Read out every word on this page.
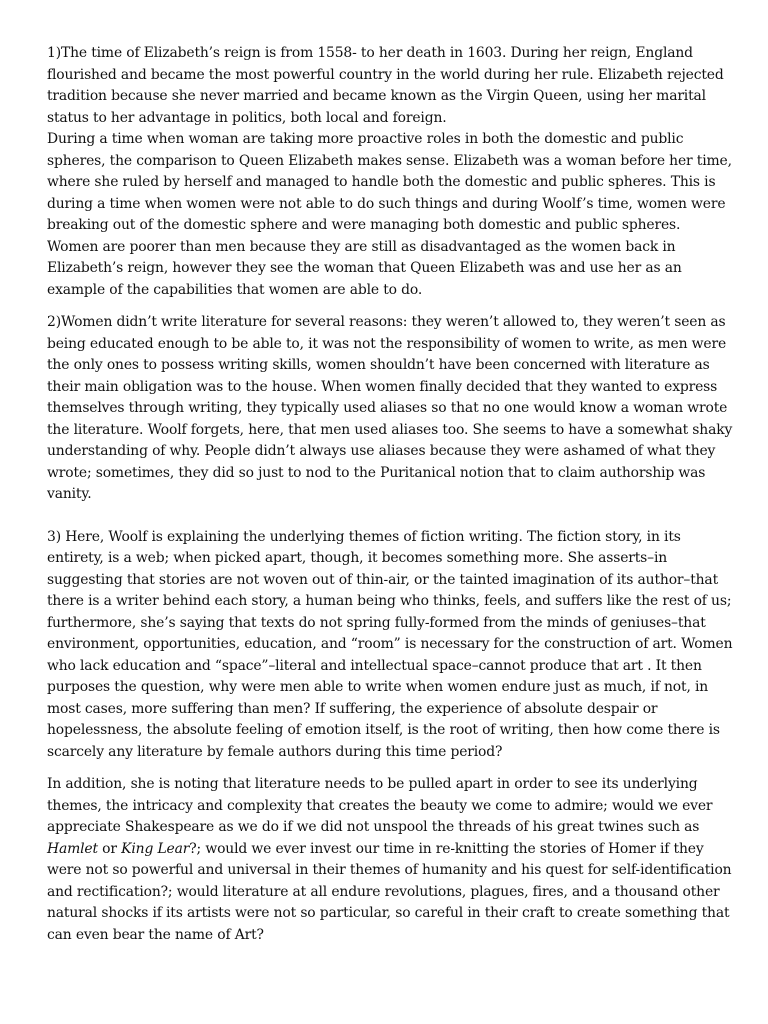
1)The time of Elizabeth’s reign is from 1558- to her death in 1603. During her reign, England flourished and became the most powerful country in the world during her rule. Elizabeth rejected tradition because she never married and became known as the Virgin Queen, using her marital status to her advantage in politics, both local and foreign.

During a time when woman are taking more proactive roles in both the domestic and public spheres, the comparison to Queen Elizabeth makes sense. Elizabeth was a woman before her time, where she ruled by herself and managed to handle both the domestic and public spheres. This is during a time when women were not able to do such things and during Woolf’s time, women were breaking out of the domestic sphere and were managing both domestic and public spheres.

Women are poorer than men because they are still as disadvantaged as the women back in Elizabeth’s reign, however they see the woman that Queen Elizabeth was and use her as an example of the capabilities that women are able to do.

2)Women didn’t write literature for several reasons: they weren’t allowed to, they weren’t seen as being educated enough to be able to, it was not the responsibility of women to write, as men were the only ones to possess writing skills, women shouldn’t have been concerned with literature as their main obligation was to the house. When women finally decided that they wanted to express themselves through writing, they typically used aliases so that no one would know a woman wrote the literature. Woolf forgets, here, that men used aliases too. She seems to have a somewhat shaky understanding of why. People didn’t always use aliases because they were ashamed of what they wrote; sometimes, they did so just to nod to the Puritanical notion that to claim authorship was vanity.

3) Here, Woolf is explaining the underlying themes of fiction writing. The fiction story, in its entirety, is a web; when picked apart, though, it becomes something more. She asserts–in suggesting that stories are not woven out of thin-air, or the tainted imagination of its author–that there is a writer behind each story, a human being who thinks, feels, and suffers like the rest of us; furthermore, she’s saying that texts do not spring fully-formed from the minds of geniuses–that environment, opportunities, education, and “room” is necessary for the construction of art. Women who lack education and “space”–literal and intellectual space–cannot produce that art . It then purposes the question, why were men able to write when women endure just as much, if not, in most cases, more suffering than men? If suffering, the experience of absolute despair or hopelessness, the absolute feeling of emotion itself, is the root of writing, then how come there is scarcely any literature by female authors during this time period?

In addition, she is noting that literature needs to be pulled apart in order to see its underlying themes, the intricacy and complexity that creates the beauty we come to admire; would we ever appreciate Shakespeare as we do if we did not unspool the threads of his great twines such as Hamlet or King Lear?; would we ever invest our time in re-knitting the stories of Homer if they were not so powerful and universal in their themes of humanity and his quest for self-identification and rectification?; would literature at all endure revolutions, plagues, fires, and a thousand other natural shocks if its artists were not so particular, so careful in their craft to create something that can even bear the name of Art?
